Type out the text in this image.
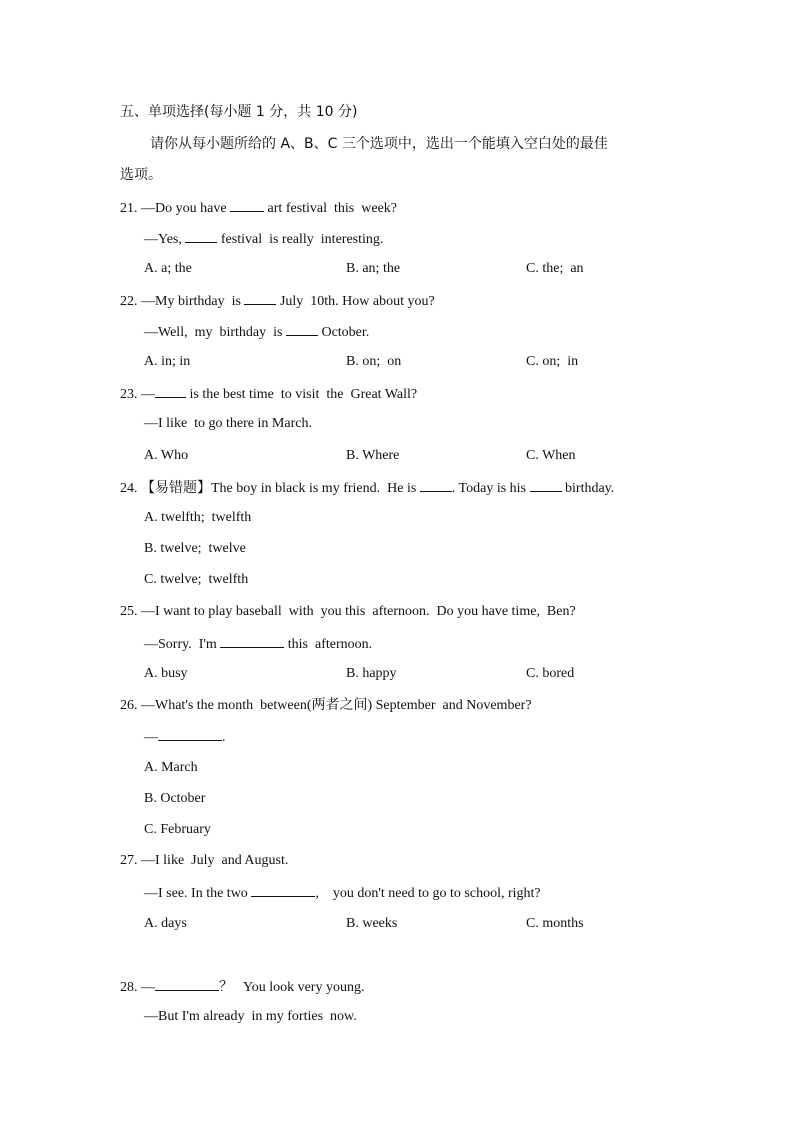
五、单项选择(每小题 1 分，共 10 分)
请你从每小题所给的 A、B、C 三个选项中，选出一个能填入空白处的最佳
选项。
21. —Do you have  art festival  this  week?
—Yes,  festival  is really  interesting.
A. a; the	B. an; the	C. the;  an
22. —My birthday  is  July  10th. How about you?
—Well,  my  birthday  is  October.
A. in; in	B. on;  on	C. on;  in
23. — is the best time  to visit  the  Great Wall?
—I like  to go there in March.
A. Who	B. Where	C. When
24. 【易错题】The boy in black is my friend.  He is . Today is his  birthday.
A. twelfth;  twelfth
B. twelve;  twelve
C. twelve;  twelfth
25. —I want to play baseball  with  you this  afternoon.  Do you have time,  Ben?
—Sorry.  I'm	this  afternoon.
A. busy	B. happy	C. bored
26. —What's the month  between(两者之间) September  and November?
—	.
A. March
B. October
C. February
27. —I like  July  and August.
—I see. In the two	,    you don't need to go to school, right?
A. days	B. weeks	C. months
28. —	？   You look very young.
—But I'm already  in my forties  now.
